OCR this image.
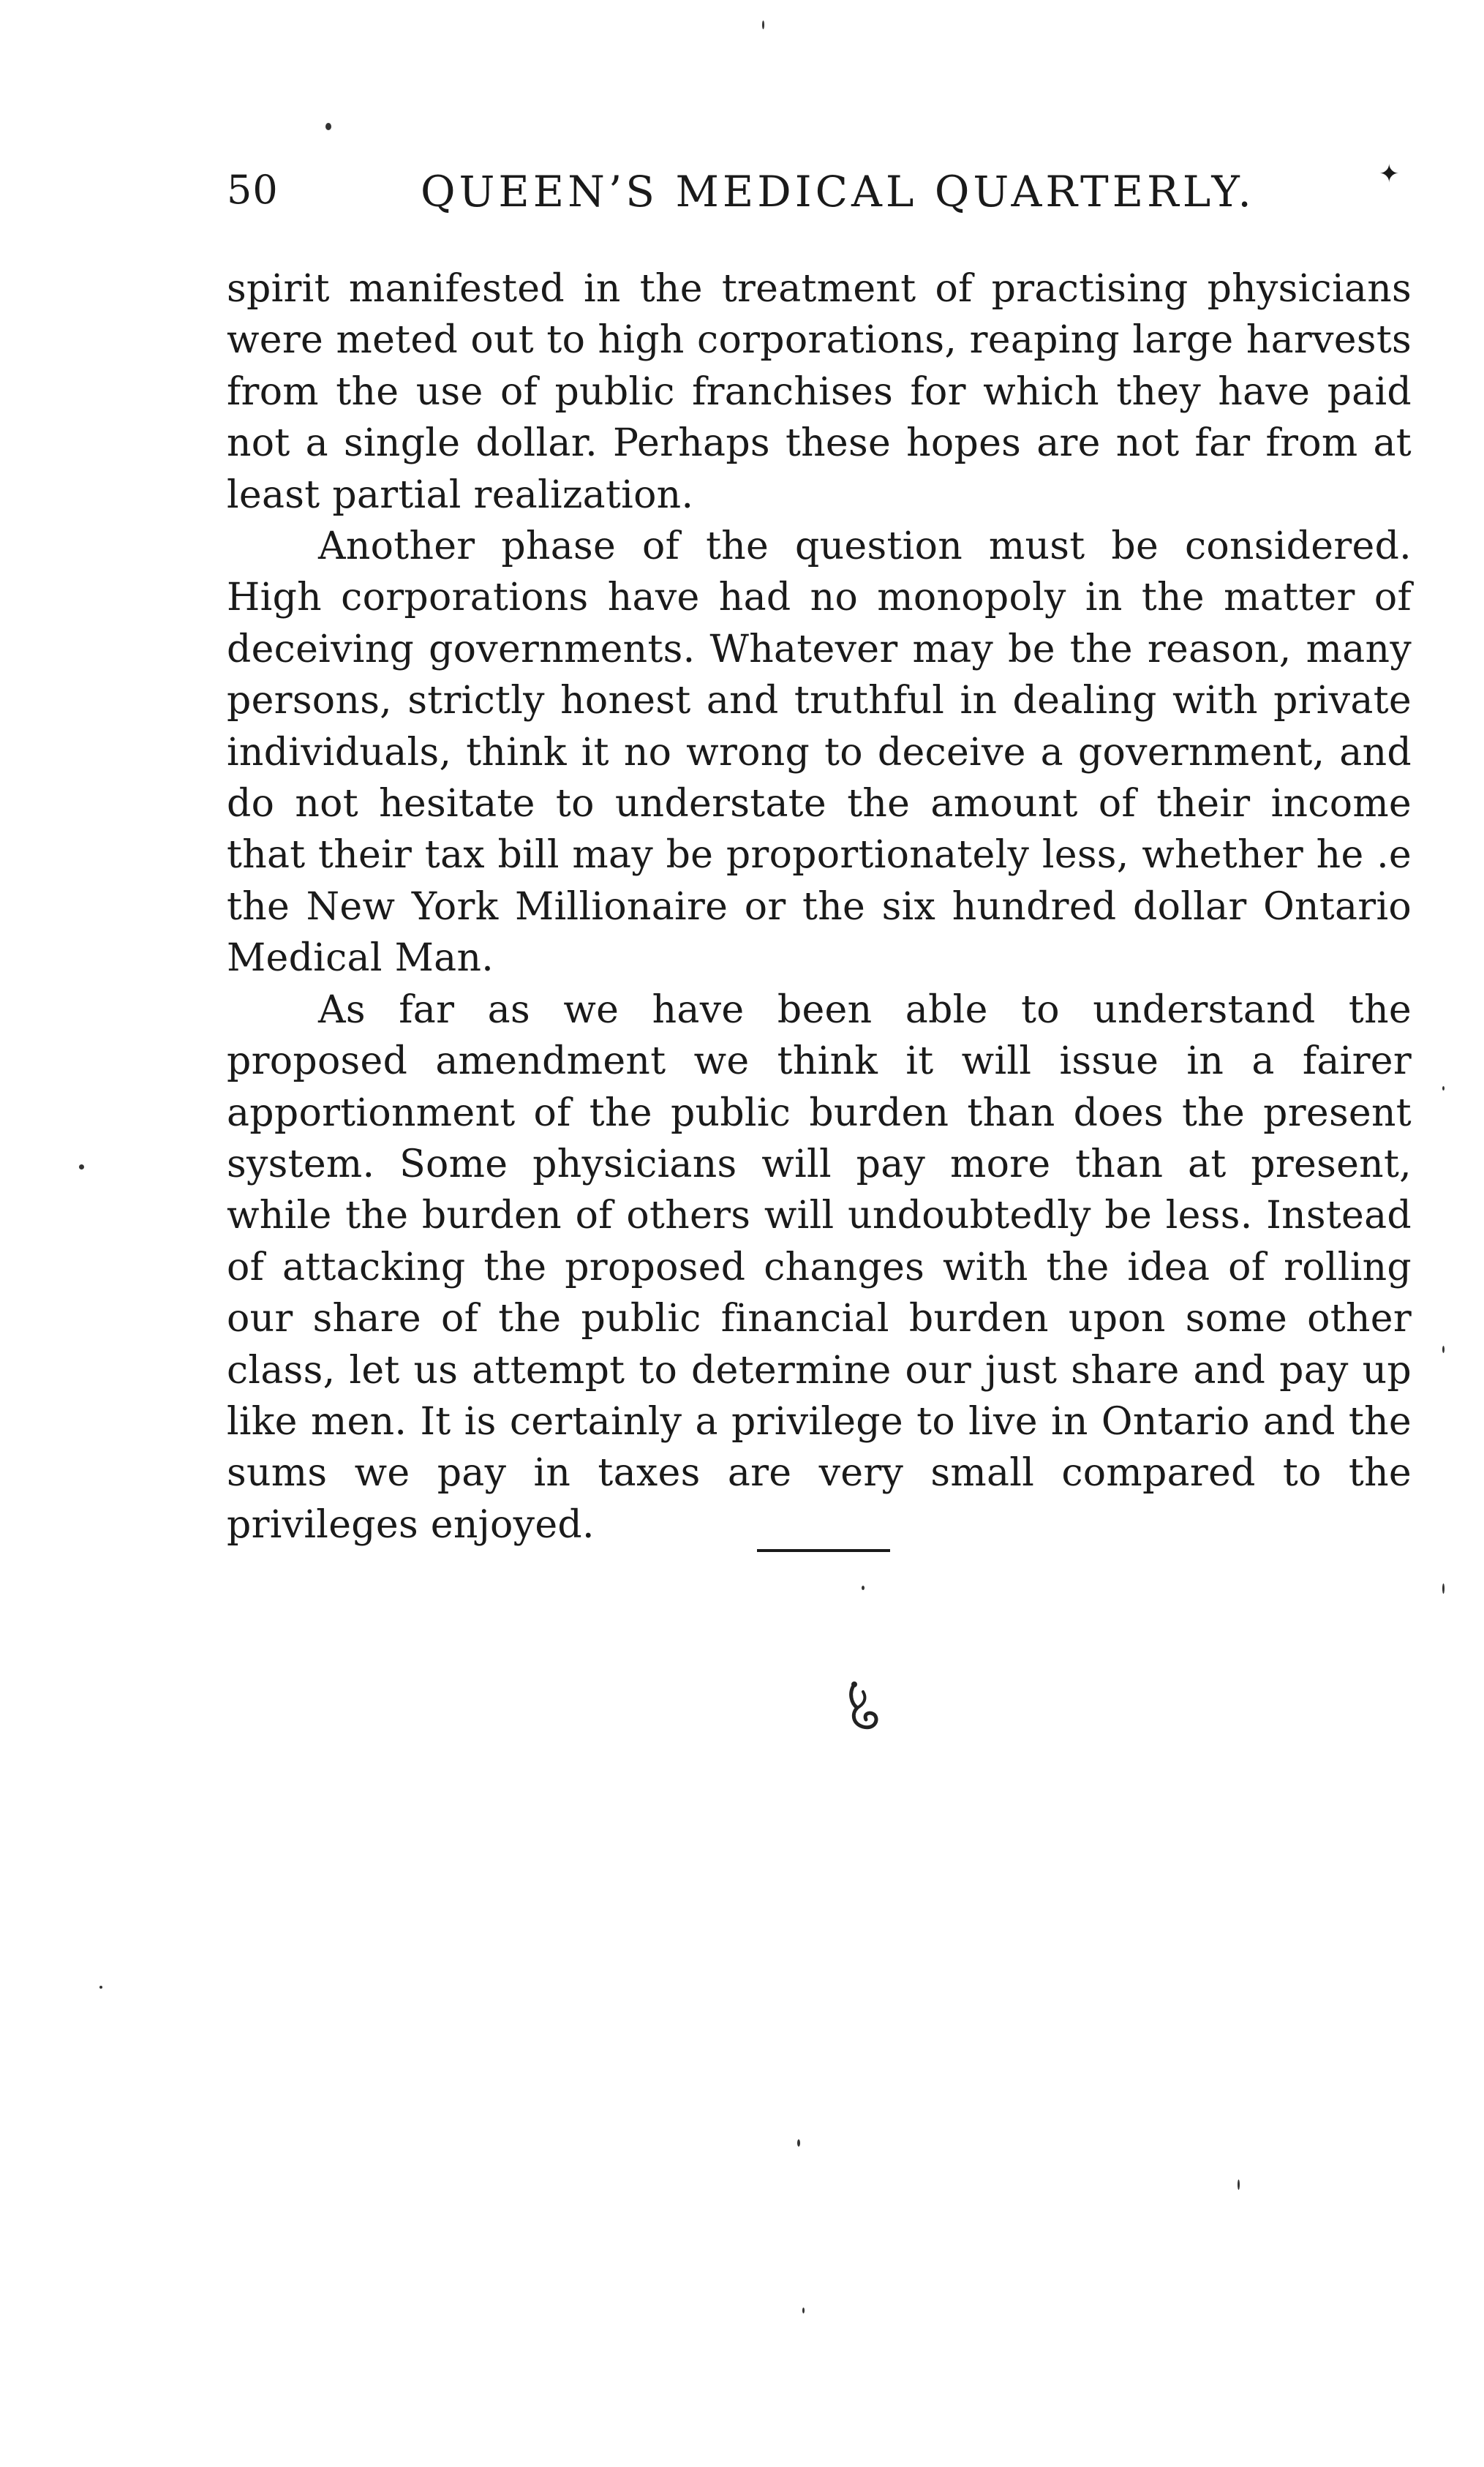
50	QUEEN’S MEDICAL QUARTERLY.	✦

spirit manifested in the treatment of practising physicians were meted out to high corporations, reaping large harvests from the use of public franchises for which they have paid not a single dollar. Perhaps these hopes are not far from at least partial realization.

Another phase of the question must be considered. High corporations have had no monopoly in the matter of deceiving governments. Whatever may be the reason, many persons, strictly honest and truthful in dealing with private individuals, think it no wrong to deceive a government, and do not hesitate to understate the amount of their income that their tax bill may be proportionately less, whether he .e the New York Millionaire or the six hundred dollar Ontario Medical Man.

As far as we have been able to understand the proposed amendment we think it will issue in a fairer apportionment of the public burden than does the present system. Some physicians will pay more than at present, while the burden of others will undoubtedly be less. Instead of attacking the proposed changes with the idea of rolling our share of the public financial burden upon some other class, let us attempt to determine our just share and pay up like men. It is certainly a privilege to live in Ontario and the sums we pay in taxes are very small compared to the privileges enjoyed.
